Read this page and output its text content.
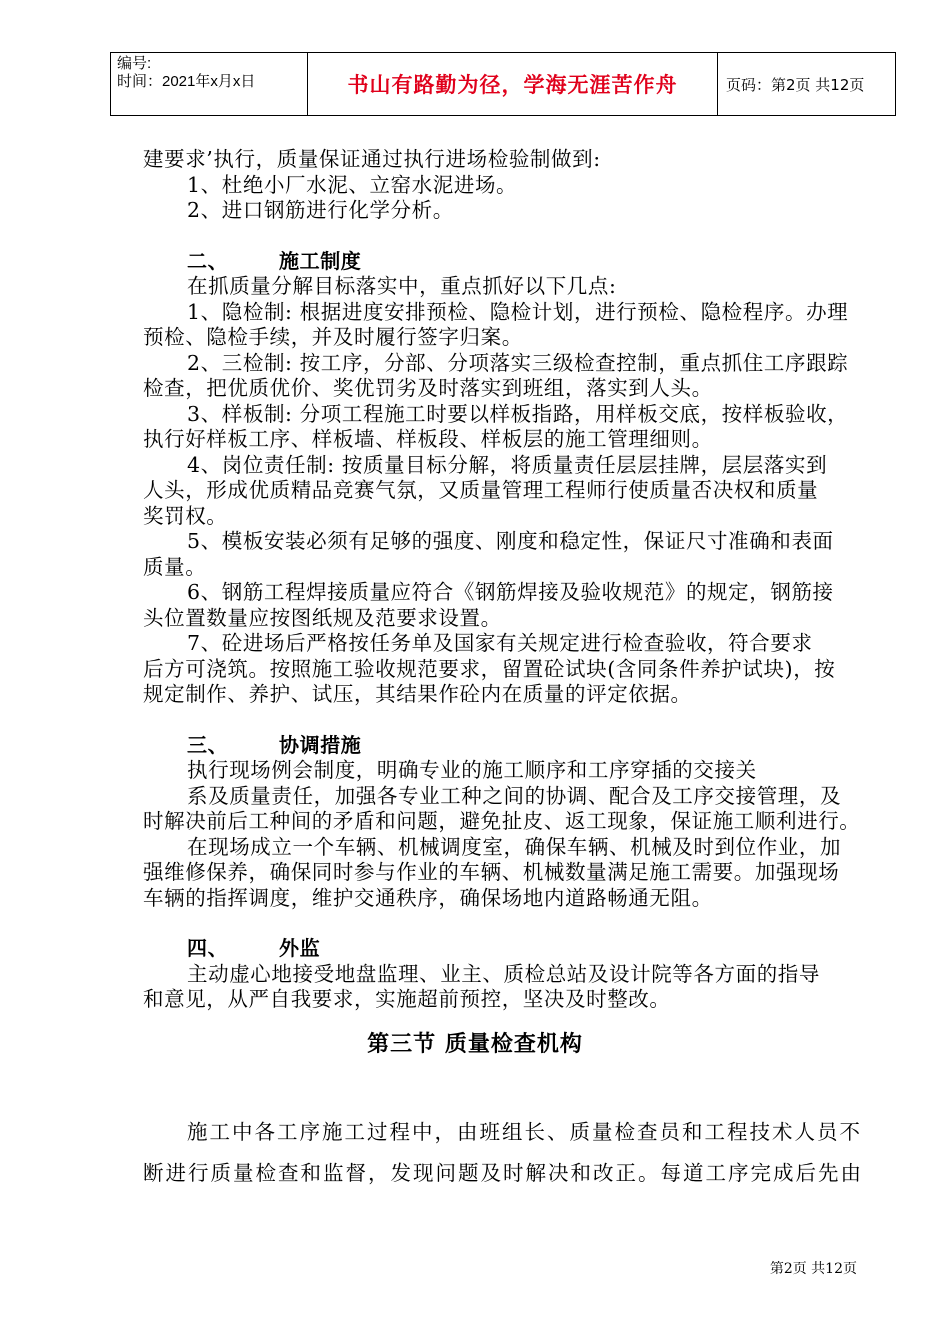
编号:
时间：2021年x月x日	书山有路勤为径，学海无涯苦作舟	页码：第2页 共12页
建要求’执行，质量保证通过执行进场检验制做到:
1、杜绝小厂水泥、立窑水泥进场。
2、进口钢筋进行化学分析。
二、	施工制度
在抓质量分解目标落实中，重点抓好以下几点:
1、隐检制: 根据进度安排预检、隐检计划，进行预检、隐检程序。办理
预检、隐检手续，并及时履行签字归案。
2、三检制: 按工序，分部、分项落实三级检查控制，重点抓住工序跟踪
检查，把优质优价、奖优罚劣及时落实到班组，落实到人头。
3、样板制: 分项工程施工时要以样板指路，用样板交底，按样板验收，
执行好样板工序、样板墙、样板段、样板层的施工管理细则。
4、岗位责任制: 按质量目标分解，将质量责任层层挂牌，层层落实到
人头，形成优质精品竞赛气氛，又质量管理工程师行使质量否决权和质量
奖罚权。
5、模板安装必须有足够的强度、刚度和稳定性，保证尺寸准确和表面
质量。
6、钢筋工程焊接质量应符合《钢筋焊接及验收规范》的规定，钢筋接
头位置数量应按图纸规及范要求设置。
7、砼进场后严格按任务单及国家有关规定进行检查验收，符合要求
后方可浇筑。按照施工验收规范要求，留置砼试块(含同条件养护试块)，按
规定制作、养护、试压，其结果作砼内在质量的评定依据。
三、	协调措施
执行现场例会制度，明确专业的施工顺序和工序穿插的交接关
系及质量责任，加强各专业工种之间的协调、配合及工序交接管理，及
时解决前后工种间的矛盾和问题，避免扯皮、返工现象，保证施工顺利进行。
在现场成立一个车辆、机械调度室，确保车辆、机械及时到位作业，加
强维修保养，确保同时参与作业的车辆、机械数量满足施工需要。加强现场
车辆的指挥调度，维护交通秩序，确保场地内道路畅通无阻。
四、	外监
主动虚心地接受地盘监理、业主、质检总站及设计院等各方面的指导
和意见，从严自我要求，实施超前预控，坚决及时整改。
第三节 质量检查机构
施工中各工序施工过程中，由班组长、质量检查员和工程技术人员不
断进行质量检查和监督，发现问题及时解决和改正。每道工序完成后先由
第2页 共12页
